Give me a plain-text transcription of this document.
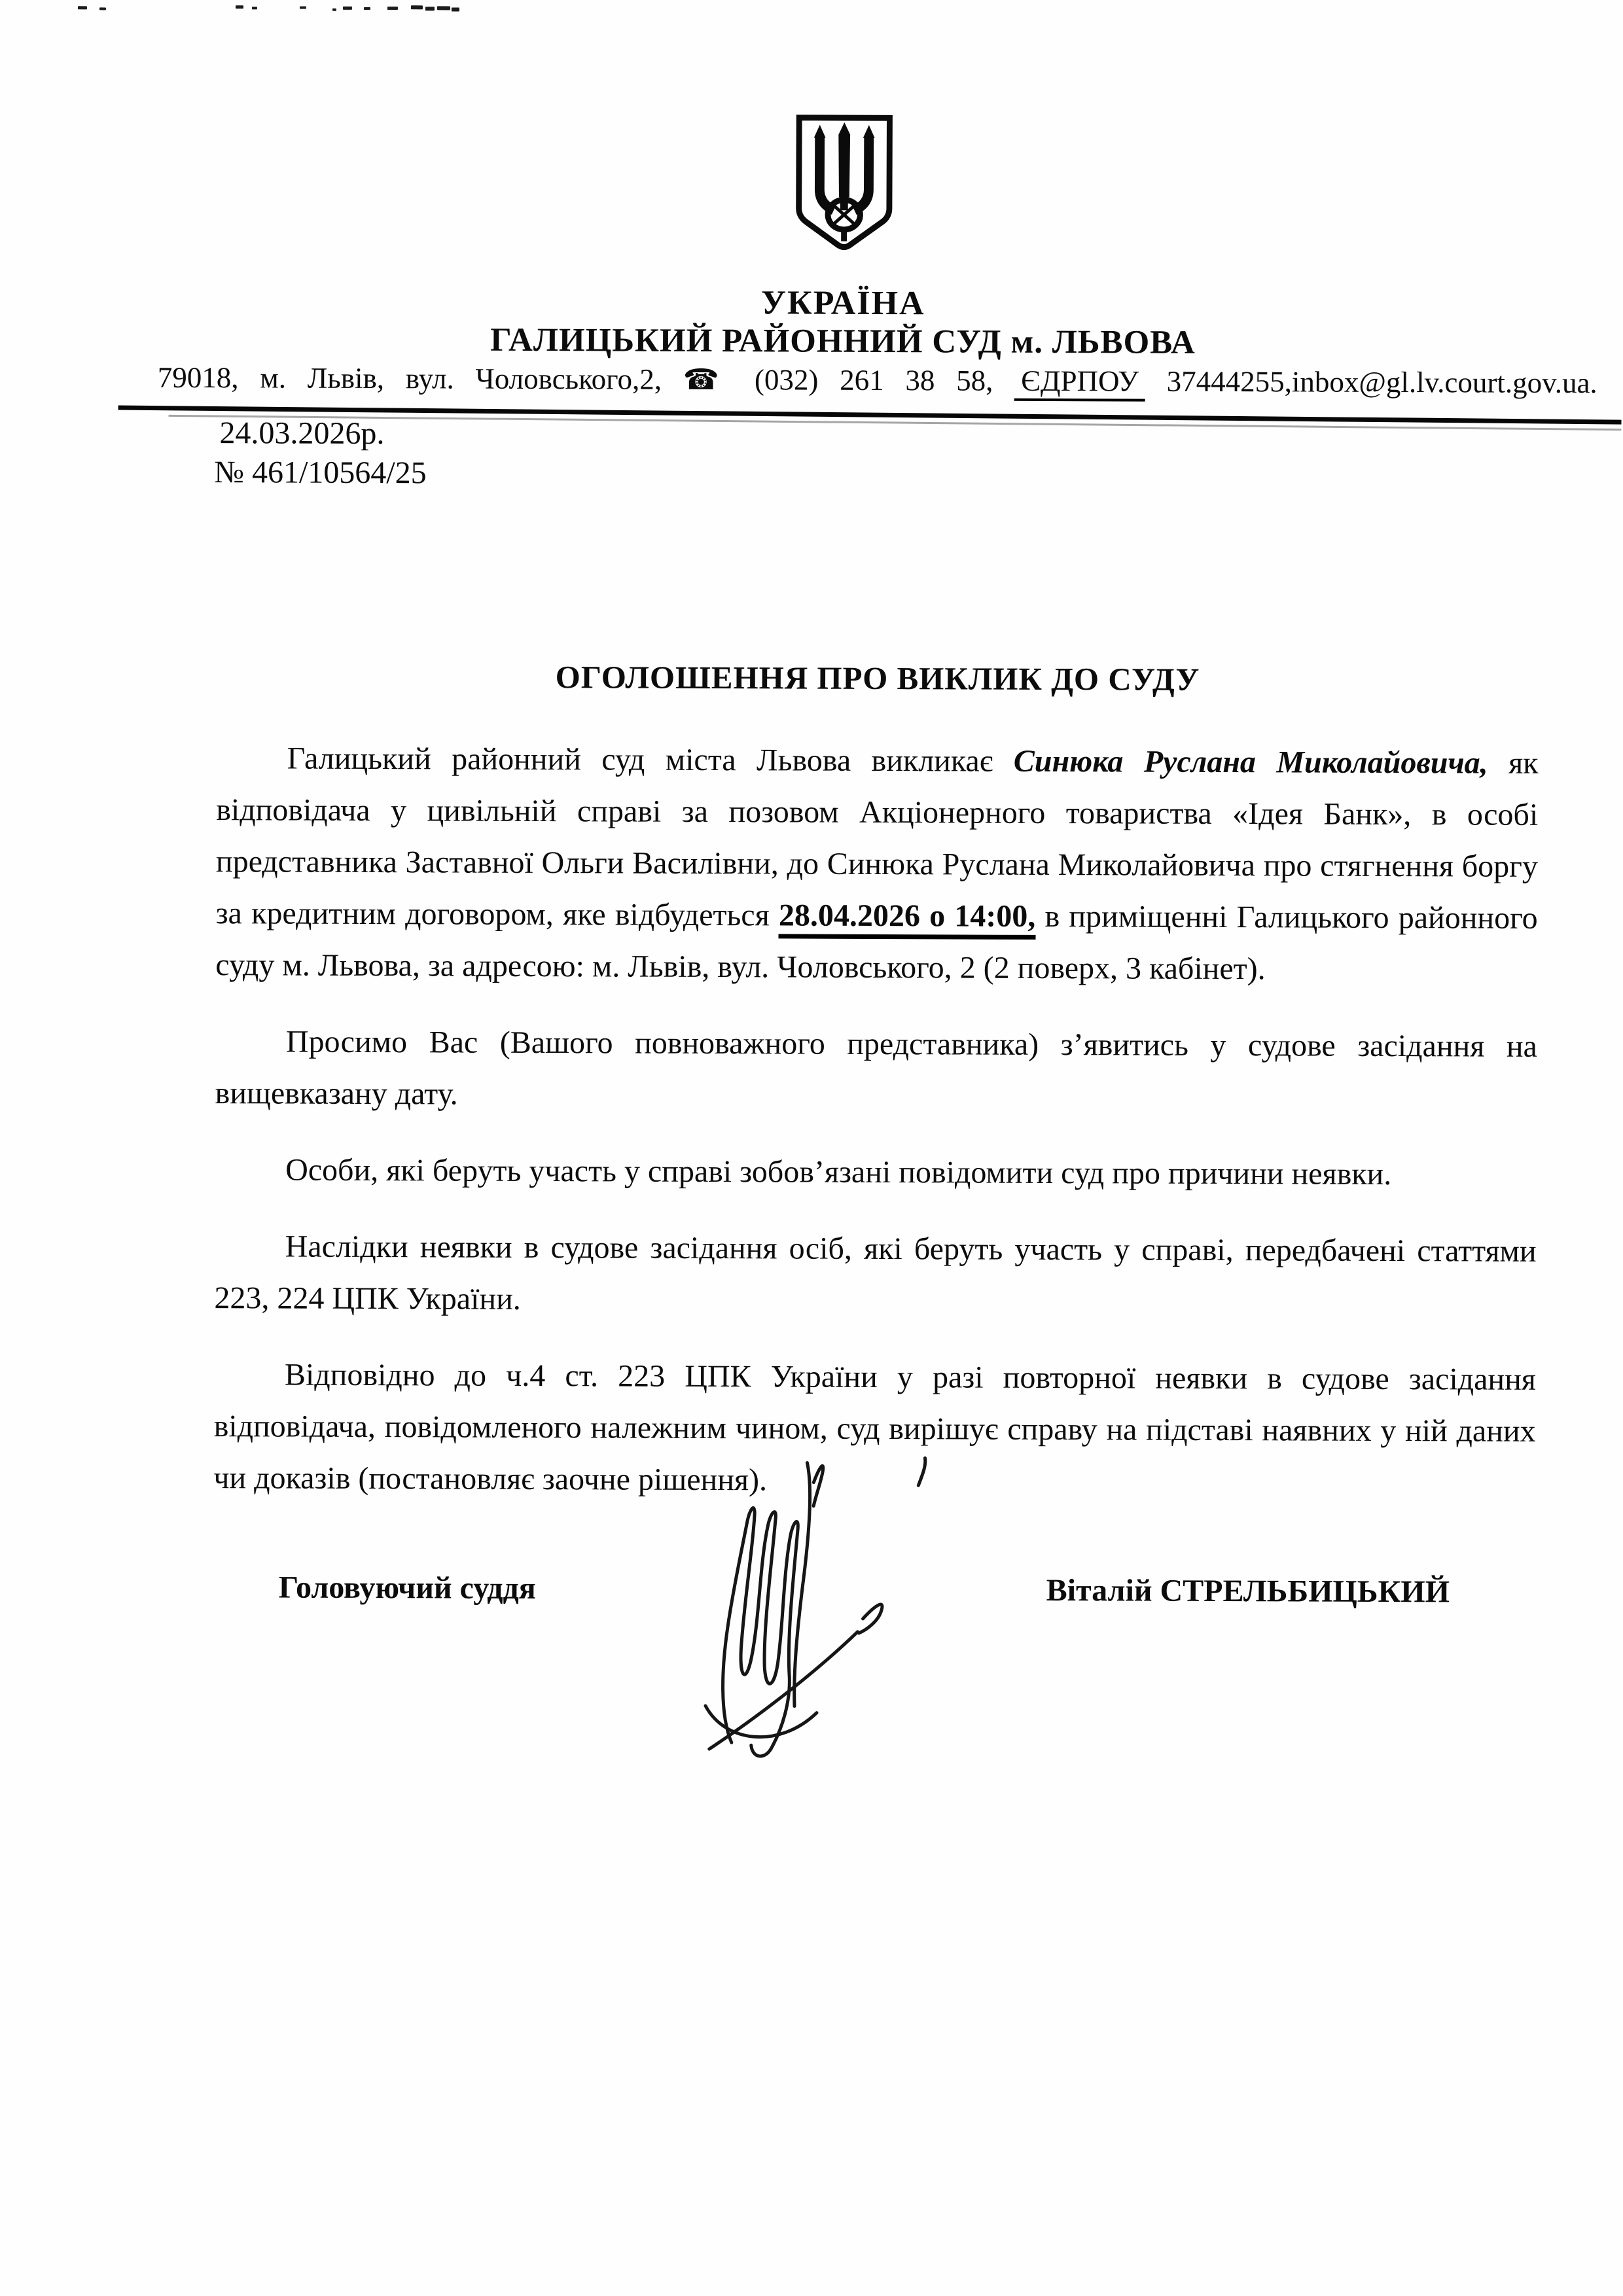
УКРАЇНА
ГАЛИЦЬКИЙ РАЙОННИЙ СУД м. ЛЬВОВА
79018, м. Львів, вул. Чоловського,2, ☎ (032) 261 38 58, ЄДРПОУ 37444255,inbox@gl.lv.court.gov.ua.
24.03.2026р.
№ 461/10564/25
ОГОЛОШЕННЯ ПРО ВИКЛИК ДО СУДУ

Галицький районний суд міста Львова викликає Синюка Руслана Миколайовича, як відповідача у цивільній справі за позовом Акціонерного товариства «Ідея Банк», в особі представника Заставної Ольги Василівни, до Синюка Руслана Миколайовича про стягнення боргу за кредитним договором, яке відбудеться 28.04.2026 о 14:00, в приміщенні Галицького районного суду м. Львова, за адресою: м. Львів, вул. Чоловського, 2 (2 поверх, 3 кабінет).

Просимо Вас (Вашого повноважного представника) з’явитись у судове засідання на вищевказану дату.

Особи, які беруть участь у справі зобов’язані повідомити суд про причини неявки.

Наслідки неявки в судове засідання осіб, які беруть участь у справі, передбачені статтями 223, 224 ЦПК України.

Відповідно до ч.4 ст. 223 ЦПК України у разі повторної неявки в судове засідання відповідача, повідомленого належним чином, суд вирішує справу на підставі наявних у ній даних чи доказів (постановляє заочне рішення).

Головуючий суддя	Віталій СТРЕЛЬБИЦЬКИЙ
